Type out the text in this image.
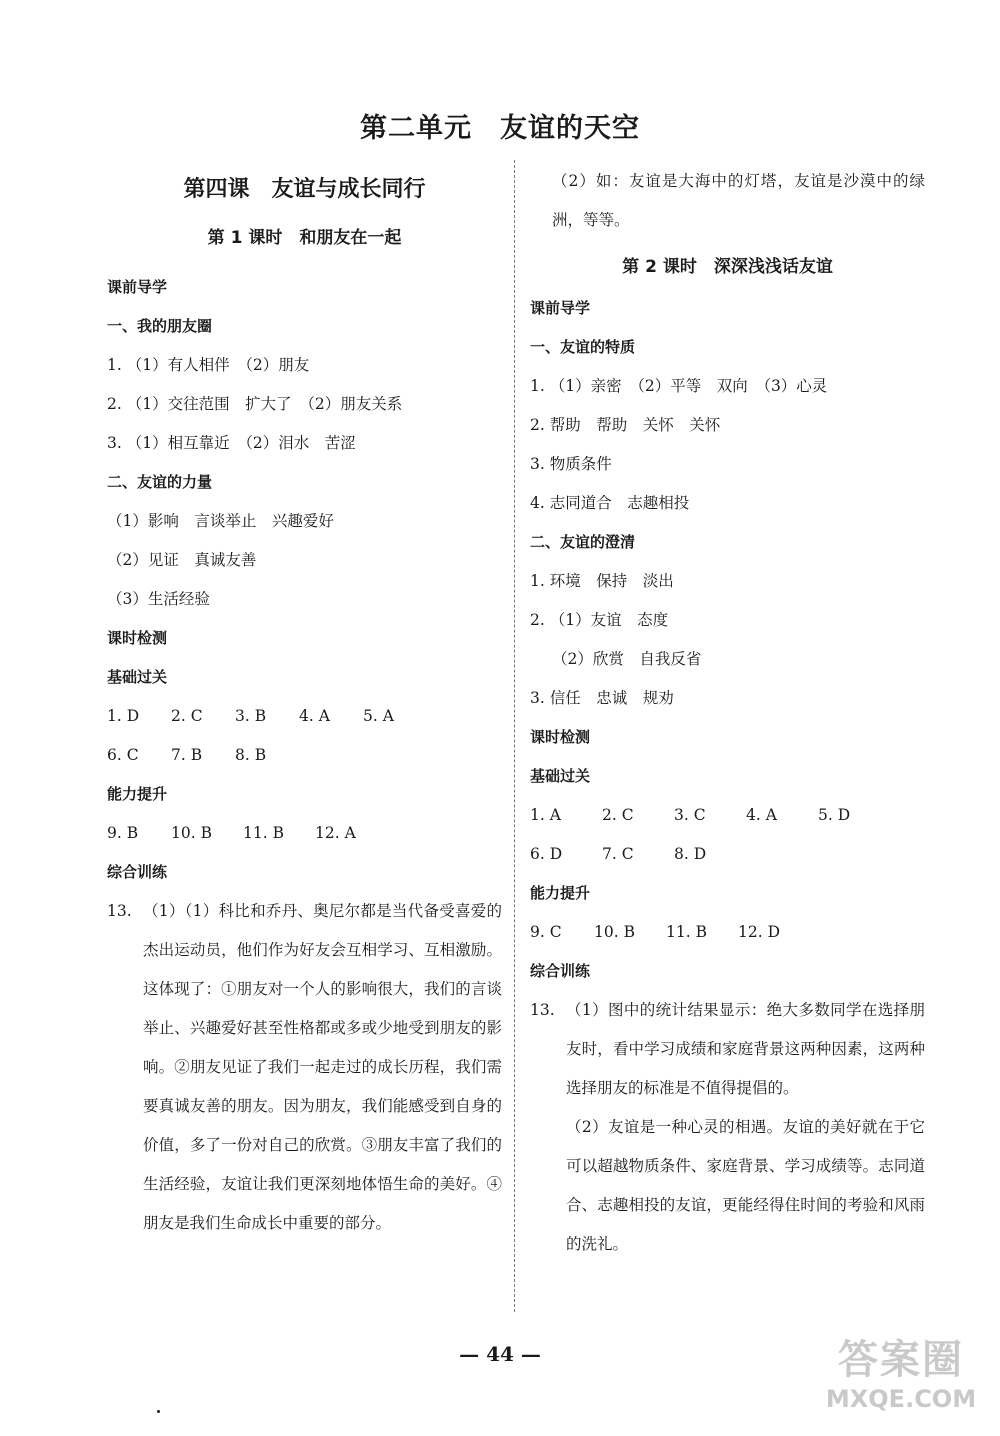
第二单元　友谊的天空
第四课　友谊与成长同行
第 1 课时　和朋友在一起
课前导学
一、我的朋友圈
1. （1）有人相伴　（2）朋友
2. （1）交往范围　扩大了　（2）朋友关系
3. （1）相互靠近　（2）泪水　苦涩
二、友谊的力量
（1）影响　言谈举止　兴趣爱好
（2）见证　真诚友善
（3）生活经验
课时检测
基础过关
1. D 2. C 3. B 4. A 5. A
6. C 7. B 8. B
能力提升
9. B 10. B 11. B 12. A
综合训练
13. （1）（1）科比和乔丹、奥尼尔都是当代备受喜爱的杰出运动员，他们作为好友会互相学习、互相激励。这体现了：①朋友对一个人的影响很大，我们的言谈举止、兴趣爱好甚至性格都或多或少地受到朋友的影响。②朋友见证了我们一起走过的成长历程，我们需要真诚友善的朋友。因为朋友，我们能感受到自身的价值，多了一份对自己的欣赏。③朋友丰富了我们的生活经验，友谊让我们更深刻地体悟生命的美好。④朋友是我们生命成长中重要的部分。
（2）如：友谊是大海中的灯塔，友谊是沙漠中的绿洲，等等。
第 2 课时　深深浅浅话友谊
课前导学
一、友谊的特质
1. （1）亲密　（2）平等　双向　（3）心灵
2. 帮助　帮助　关怀　关怀
3. 物质条件
4. 志同道合　志趣相投
二、友谊的澄清
1. 环境　保持　淡出
2. （1）友谊　态度
（2）欣赏　自我反省
3. 信任　忠诚　规劝
课时检测
基础过关
1. A	2. C	3. C	4. A	5. D
6. D	7. C	8. D
能力提升
9. C 10. B 11. B 12. D
综合训练
13. （1）图中的统计结果显示：绝大多数同学在选择朋友时，看中学习成绩和家庭背景这两种因素，这两种选择朋友的标准是不值得提倡的。
（2）友谊是一种心灵的相遇。友谊的美好就在于它可以超越物质条件、家庭背景、学习成绩等。志同道合、志趣相投的友谊，更能经得住时间的考验和风雨的洗礼。
— 44 —	答案圈
MXQE.COM
